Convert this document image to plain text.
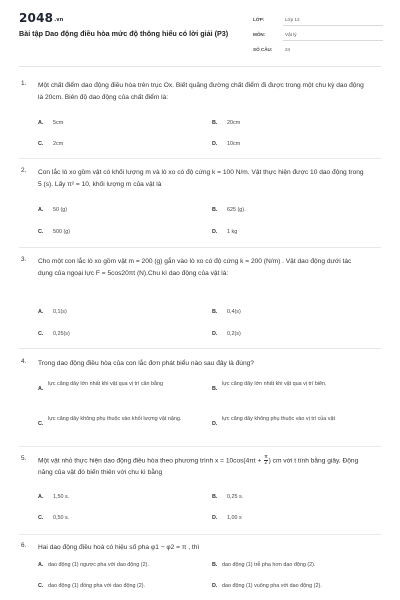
2048.vn
Bài tập Dao động điều hòa mức độ thông hiểu có lời giải (P3)
LỚP:	Lớp 12
MÔN:	Vật lý
SỐ CÂU:	24
1. Một chất điểm dao động điều hòa trên trục Ox. Biết quãng đường chất điểm đi được trong một chu kỳ dao động là 20cm. Biên độ dao động của chất điểm là:
A. 5cm	B. 20cm
C. 2cm	D. 10cm
2. Con lắc lò xo gồm vật có khối lượng m và lò xo có độ cứng k = 100 N/m. Vật thực hiện được 10 dao động trong 5 (s). Lấy π² = 10, khối lượng m của vật là
A. 50 (g)	B. 625 (g).
C. 500 (g)	D. 1 kg
3. Cho một con lắc lò xo gồm vật m = 200 (g) gắn vào lò xo có độ cứng k = 200 (N/m) . Vật dao động dưới tác dụng của ngoại lực F = 5cos20πt (N).Chu kì dao động của vật là:
A. 0,1(s)	B. 0,4(s)
C. 0,25(s)	D. 0,2(s)
4. Trong dao động điều hòa của con lắc đơn phát biểu nào sau đây là đúng?
A.
lực căng dây lớn nhất khi vật qua vị trí cân bằng
B.
lực căng dây lớn nhất khi vật qua vị trí biên.
C.
lực căng dây không phụ thuộc vào khối lượng vật nặng.
D.
lực căng dây không phụ thuộc vào vị trí của vật
5. Một vật nhỏ thực hiện dao động điều hòa theo phương trình $x = 10\cos(4\pi t + \frac{\pi}{2}$ ) cm với t tính bằng giây. Động năng của vật đó biến thiên với chu kì bằng
A. 1,50 s.	B. 0,25 s.
C. 0,50 s.	D. 1,00 s
6. Hai dao động điều hoà có hiệu số pha φ1 − φ2 = π , thì
A. dao động (1) ngược pha với dao động (2).	B. dao động (1) trễ pha hơn dao động (2).
C. dao động (1) đồng pha với dao động (2).	D. dao động (1) vuông pha với dao động (2).
